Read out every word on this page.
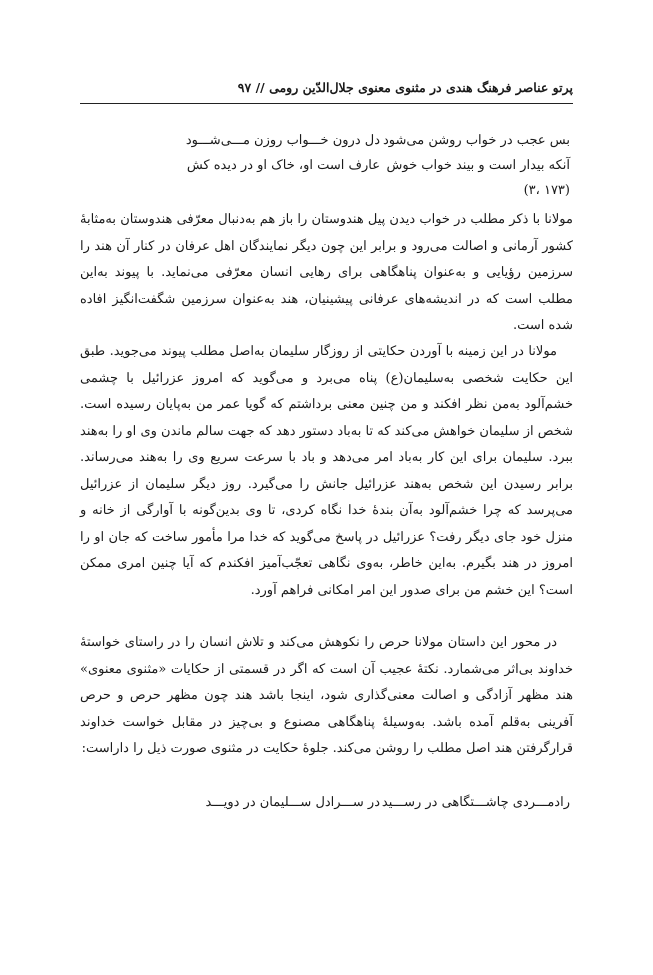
پرتو عناصر فرهنگ هندی در مثنوی معنوی جلال‌الدّین رومی // ۹۷
بس عجب در خواب روشن می‌شود
دل درون خـــواب روزن مـــی‌شـــود
آنکه بیدار است و بیند خواب خوش
عارف است او، خاک او در دیده کش
(۱۷۳ ،۳)

مولانا با ذکر مطلب در خواب دیدن پیل هندوستان را باز هم به‌دنبال معرّفی هندوستان به‌مثابهٔ کشور آرمانی و اصالت می‌رود و برابر این چون دیگر نمایندگان اهل عرفان در کنار آن هند را سرزمین رؤیایی و به‌عنوان پناهگاهی برای رهایی انسان معرّفی می‌نماید. با پیوند به‌این مطلب است که در اندیشه‌های عرفانی پیشینیان، هند به‌عنوان سرزمین شگفت‌انگیز افاده شده است.

مولانا در این زمینه با آوردن حکایتی از روزگار سلیمان به‌اصل مطلب پیوند می‌جوید. طبق این حکایت شخصی به‌سلیمان(ع) پناه می‌برد و می‌گوید که امروز عزرائیل با چشمی خشم‌آلود به‌من نظر افکند و من چنین معنی برداشتم که گویا عمر من به‌پایان رسیده است. شخص از سلیمان خواهش می‌کند که تا به‌باد دستور دهد که جهت سالم ماندن وی او را به‌هند ببرد. سلیمان برای این کار به‌باد امر می‌دهد و باد با سرعت سریع وی را به‌هند می‌رساند. برابر رسیدن این شخص به‌هند عزرائیل جانش را می‌گیرد. روز دیگر سلیمان از عزرائیل می‌پرسد که چرا خشم‌آلود به‌آن بندهٔ خدا نگاه کردی، تا وی بدین‌گونه با آوارگی از خانه و منزل خود جای دیگر رفت؟ عزرائیل در پاسخ می‌گوید که خدا مرا مأمور ساخت که جان او را امروز در هند بگیرم. به‌این خاطر، به‌وی نگاهی تعجّب‌آمیز افکندم که آیا چنین امری ممکن است؟ این خشم من برای صدور این امر امکانی فراهم آورد.

در محور این داستان مولانا حرص را نکوهش می‌کند و تلاش انسان را در راستای خواستهٔ خداوند بی‌اثر می‌شمارد. نکتهٔ عجیب آن است که اگر در قسمتی از حکایات «مثنوی معنوی» هند مظهر آزادگی و اصالت معنی‌گذاری شود، اینجا باشد هند چون مظهر حرص و حرص آفرینی به‌قلم آمده باشد. به‌وسیلهٔ پناهگاهی مصنوع و بی‌چیز در مقابل خواست خداوند قرارگرفتن هند اصل مطلب را روشن می‌کند. جلوهٔ حکایت در مثنوی صورت ذیل را داراست:

رادمـــردی چاشـــتگاهی در رســـید
در ســـرادل ســـلیمان در دویـــد
